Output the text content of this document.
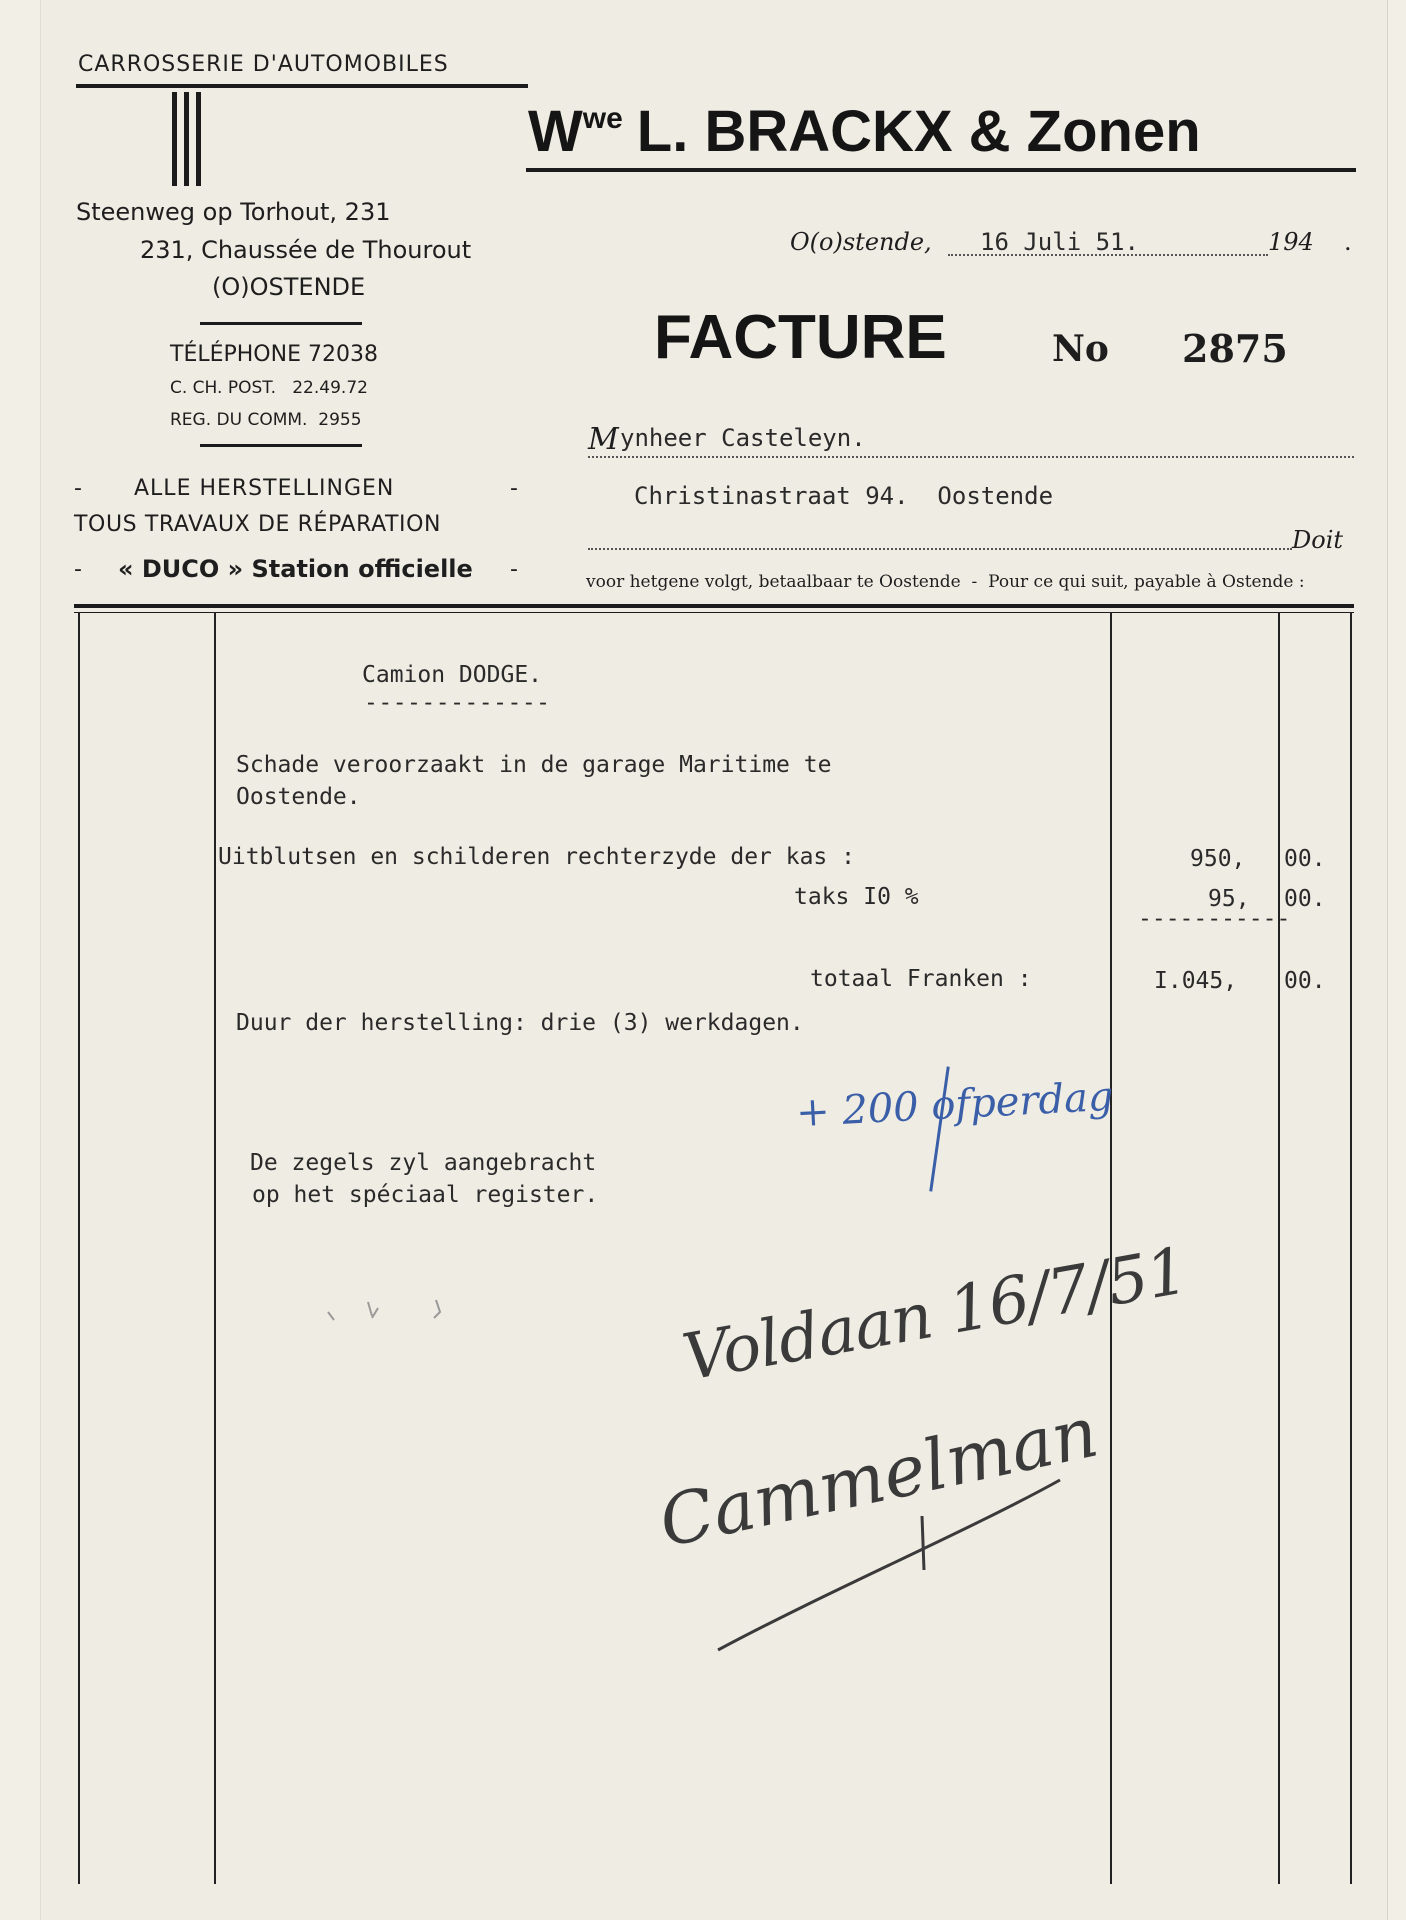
CARROSSERIE D'AUTOMOBILES
Steenweg op Torhout, 231
231, Chaussée de Thourout
(O)OSTENDE
TÉLÉPHONE 72038
C. CH. POST.   22.49.72
REG. DU COMM.  2955
- ALLE HERSTELLINGEN	-
TOUS TRAVAUX DE RÉPARATION
- « DUCO » Station officielle -
$W^{we}$ L. BRACKX & Zonen
O(o)stende, 16 Juli 51.	194 .
FACTURE	No 2875
M ynheer Casteleyn.
Christinastraat 94.  Oostende
Doit
voor hetgene volgt, betaalbaar te Oostende  -  Pour ce qui suit, payable à Ostende :
Camion DODGE.
-------------
Schade veroorzaakt in de garage Maritime te
Oostende.
Uitblutsen en schilderen rechterzyde der kas :	950, 00.
taks I0 %	95, 00.
-----------
totaal Franken :	I.045, 00.
Duur der herstelling: drie (3) werkdagen.
De zegels zyl aangebracht
op het spéciaal register.
+ 200 ofperdag
Voldaan 16/7/51
Cammelman
